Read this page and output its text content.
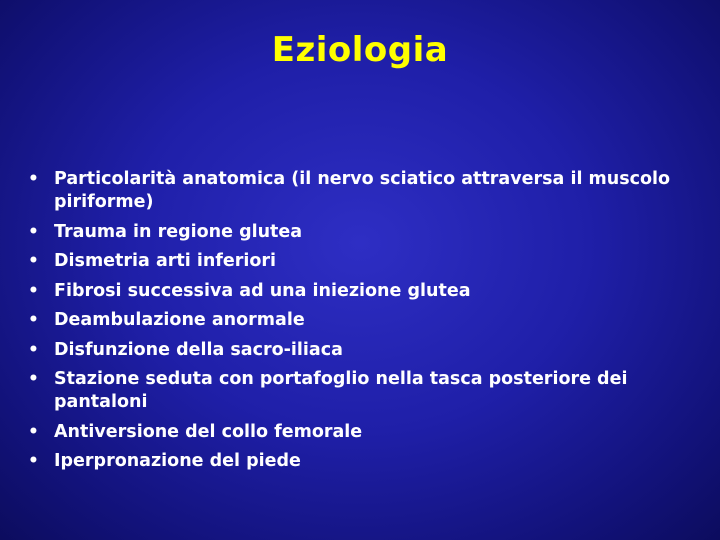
Eziologia
• Particolarità anatomica (il nervo sciatico attraversa il muscolo piriforme)
• Trauma in regione glutea
• Dismetria arti inferiori
• Fibrosi successiva ad una iniezione glutea
• Deambulazione anormale
• Disfunzione della sacro-iliaca
• Stazione seduta con portafoglio nella tasca posteriore dei pantaloni
• Antiversione del collo femorale
• Iperpronazione del piede
